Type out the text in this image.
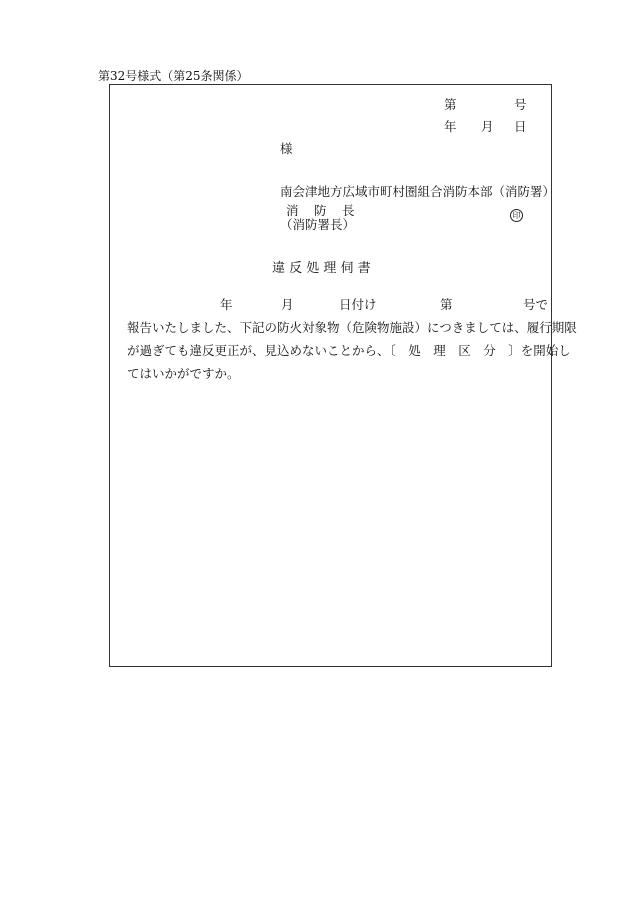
第32号様式（第25条関係）
第	号
年 月 日
様
南会津地方広域市町村圏組合消防本部（消防署）
消 防 長
（消防署長）
印
違 反 処 理 伺 書
年	月	日付け	第	号で
報告いたしました、下記の防火対象物（危険物施設）につきましては、履行期限
が過ぎても違反更正が、見込めないことから、〔　処　理　区　分　〕を開始し
てはいかがですか。
